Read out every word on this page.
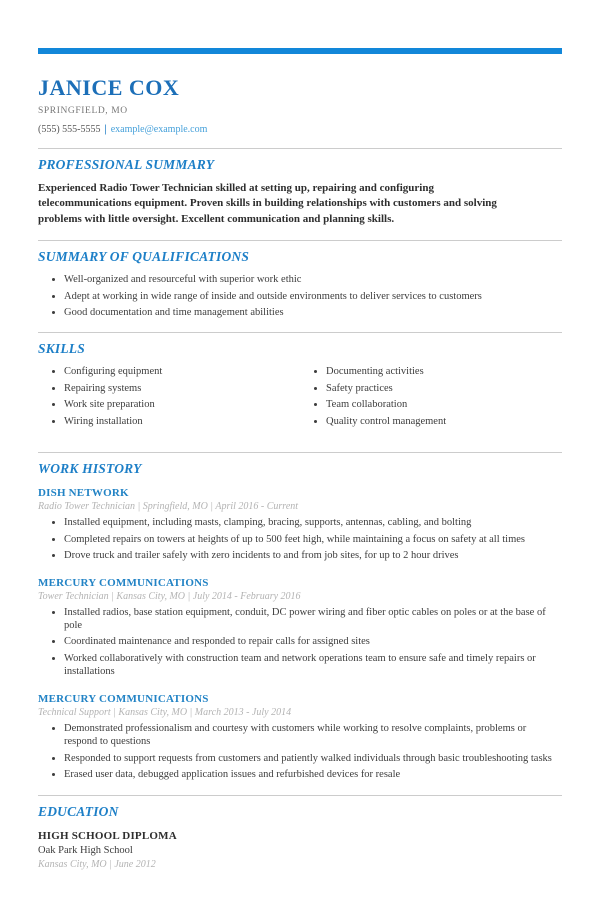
JANICE COX
SPRINGFIELD, MO
(555) 555-5555 | example@example.com
PROFESSIONAL SUMMARY

Experienced Radio Tower Technician skilled at setting up, repairing and configuring telecommunications equipment. Proven skills in building relationships with customers and solving problems with little oversight. Excellent communication and planning skills.

SUMMARY OF QUALIFICATIONS
• Well-organized and resourceful with superior work ethic
• Adept at working in wide range of inside and outside environments to deliver services to customers
• Good documentation and time management abilities
SKILLS
• Configuring equipment
• Repairing systems
• Work site preparation
• Wiring installation
• Documenting activities
• Safety practices
• Team collaboration
• Quality control management
WORK HISTORY
DISH NETWORK
Radio Tower Technician | Springfield, MO | April 2016 - Current
• Installed equipment, including masts, clamping, bracing, supports, antennas, cabling, and bolting
• Completed repairs on towers at heights of up to 500 feet high, while maintaining a focus on safety at all times
• Drove truck and trailer safely with zero incidents to and from job sites, for up to 2 hour drives
MERCURY COMMUNICATIONS
Tower Technician | Kansas City, MO | July 2014 - February 2016
• Installed radios, base station equipment, conduit, DC power wiring and fiber optic cables on poles or at the base of pole
• Coordinated maintenance and responded to repair calls for assigned sites
• Worked collaboratively with construction team and network operations team to ensure safe and timely repairs or installations
MERCURY COMMUNICATIONS
Technical Support | Kansas City, MO | March 2013 - July 2014
• Demonstrated professionalism and courtesy with customers while working to resolve complaints, problems or respond to questions
• Responded to support requests from customers and patiently walked individuals through basic troubleshooting tasks
• Erased user data, debugged application issues and refurbished devices for resale
EDUCATION
HIGH SCHOOL DIPLOMA
Oak Park High School
Kansas City, MO | June 2012
